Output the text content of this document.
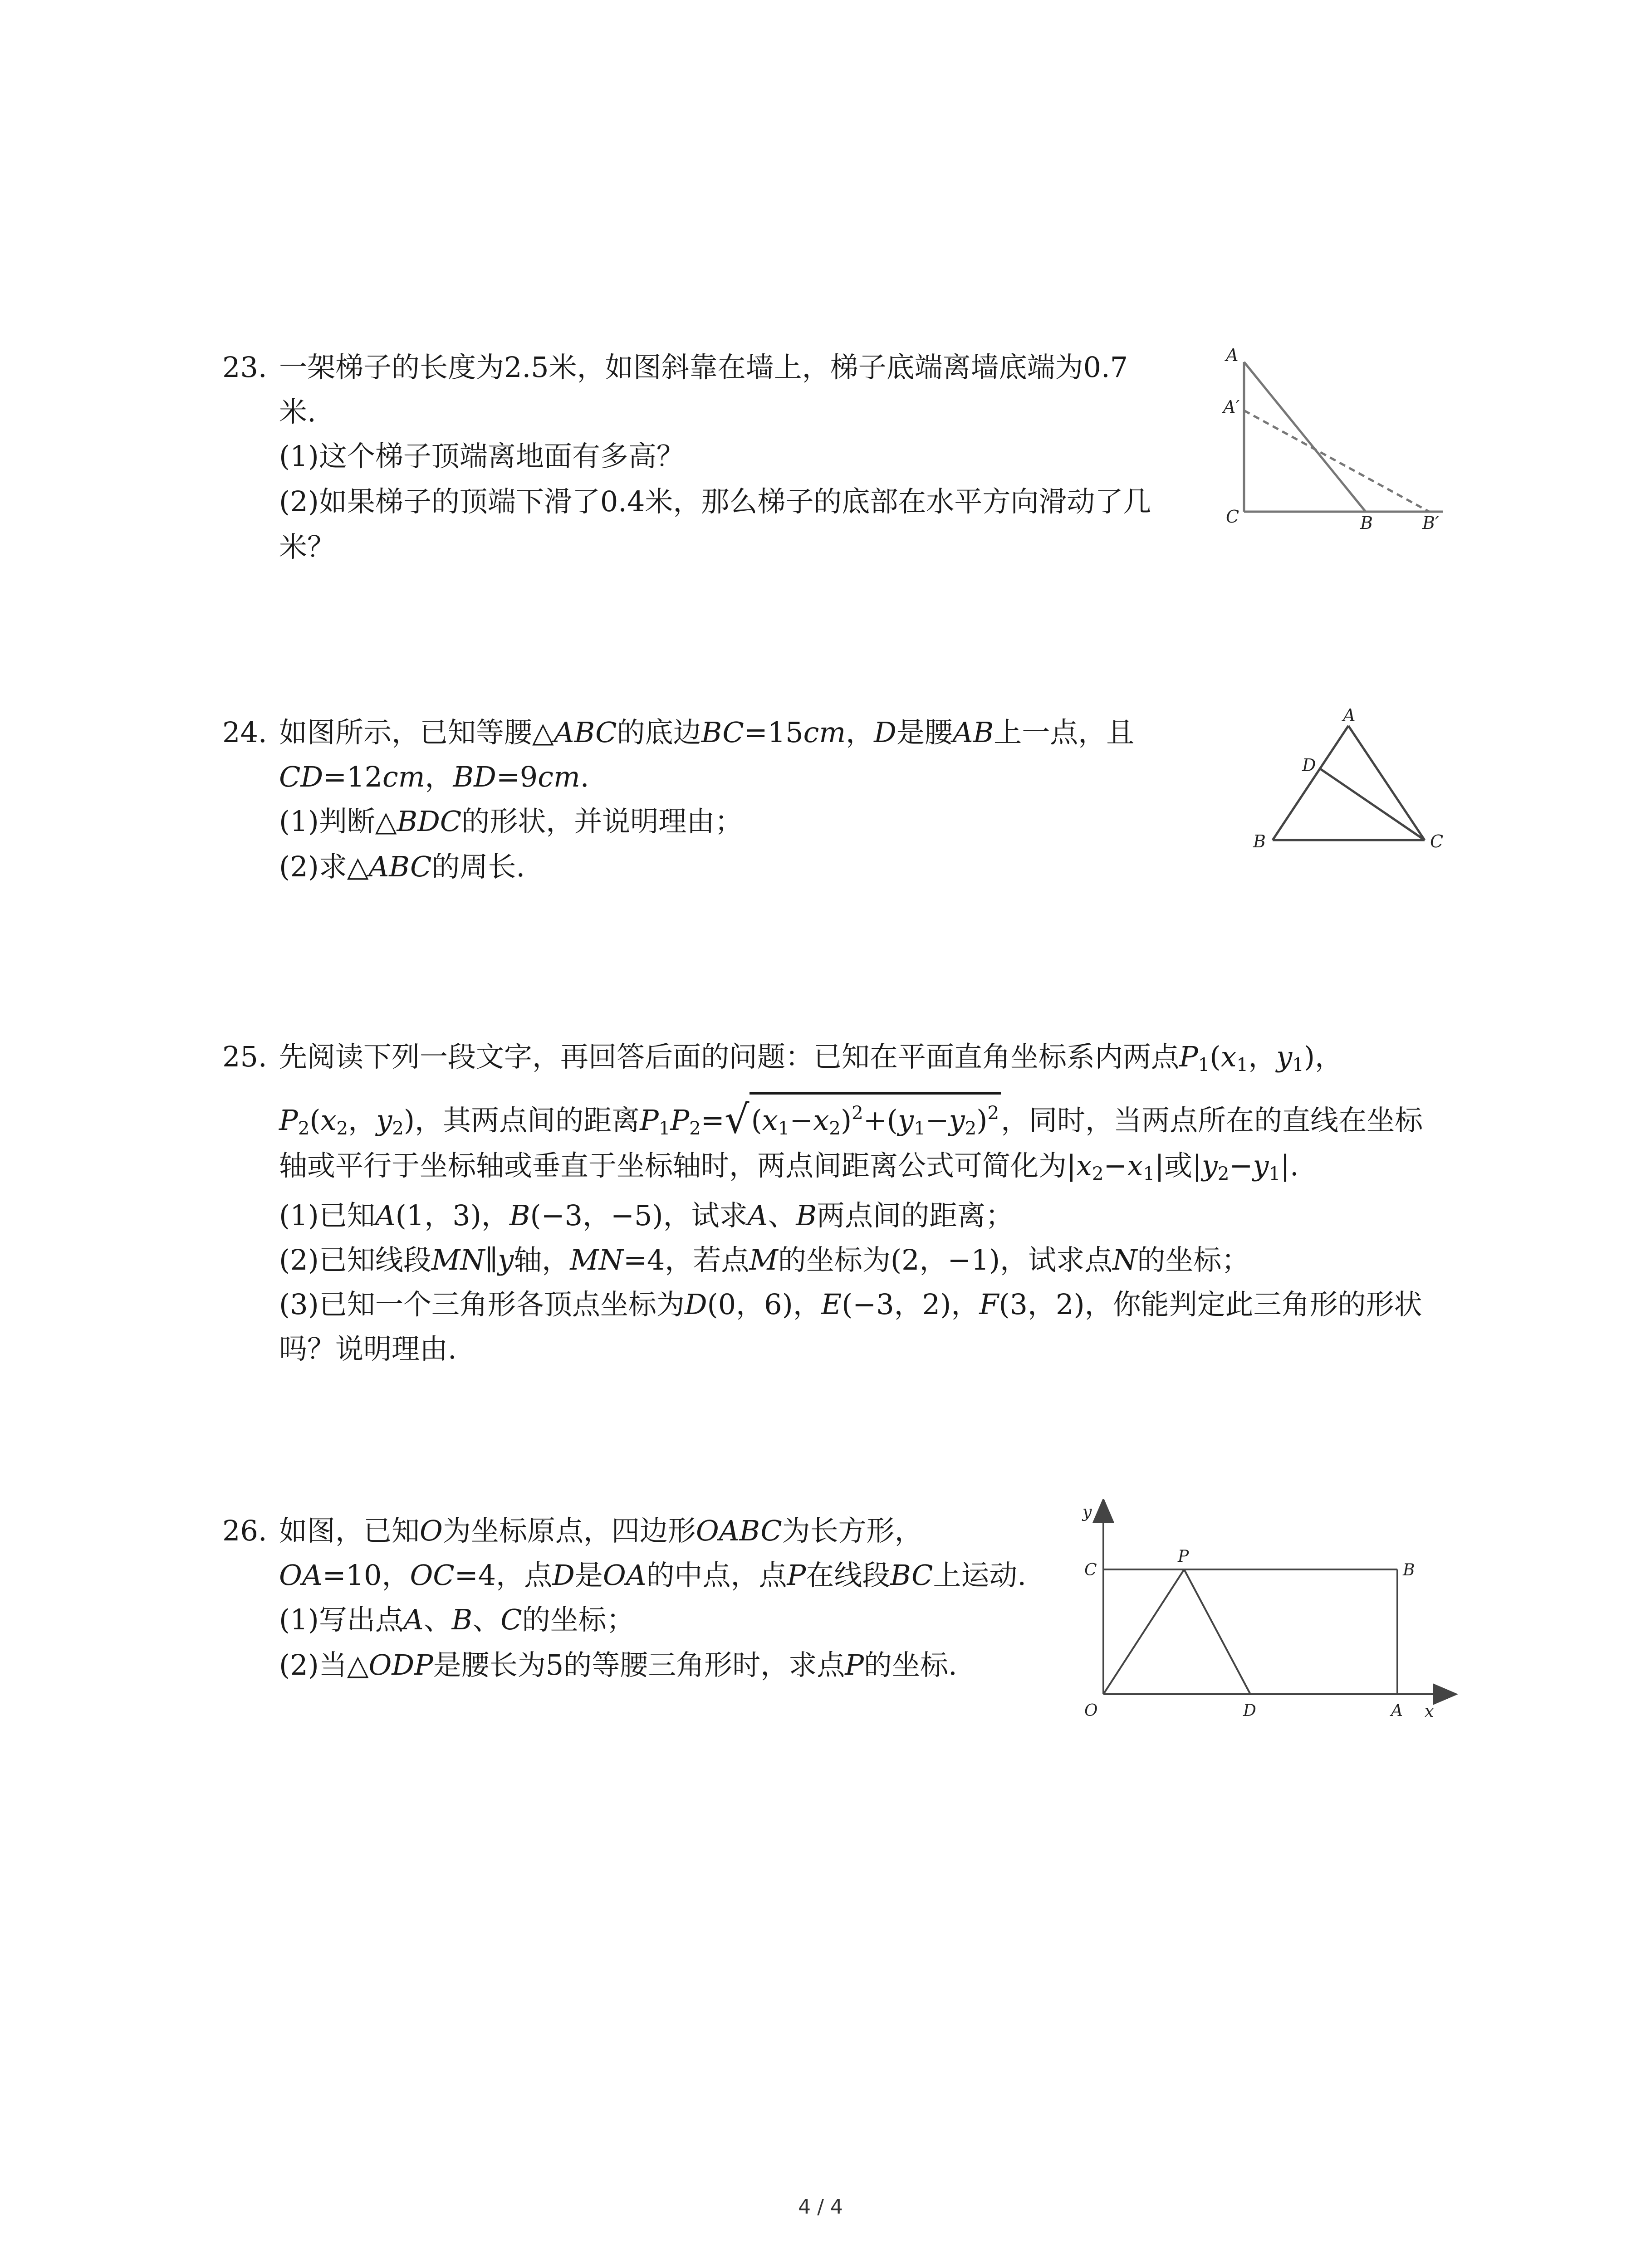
23. 一架梯子的长度为2.5米，如图斜靠在墙上，梯子底端离墙底端为0.7
米.
(1)这个梯子顶端离地面有多高？
(2)如果梯子的顶端下滑了0.4米，那么梯子的底部在水平方向滑动了几
米？
A
A′
C	B	B′
24. 如图所示，已知等腰△ABC的底边BC=15cm，D是腰AB上一点，且
CD=12cm，BD=9cm.
(1)判断△BDC的形状，并说明理由；
(2)求△ABC的周长.
A
D
B	C
25. 先阅读下列一段文字，再回答后面的问题：已知在平面直角坐标系内两点$P_1(x_1$，$y_1$)，
$P_2(x_2$，$y_2$)，其两点间的距离$P_1P_2=√(x_1-x_2)^2+(y_1-y_2)^2$，同时，当两点所在的直线在坐标
轴或平行于坐标轴或垂直于坐标轴时，两点间距离公式可简化为$|x_2-x_1|$或$|y_2-y_1|$.
(1)已知A(1，3)，B(−3，−5)，试求A、B两点间的距离；
(2)已知线段MN∥y轴，MN=4，若点M的坐标为(2，−1)，试求点N的坐标；
(3)已知一个三角形各顶点坐标为D(0，6)，E(−3，2)，F(3，2)，你能判定此三角形的形状
吗？说明理由.
26. 如图，已知O为坐标原点，四边形OABC为长方形，
OA=10，OC=4，点D是OA的中点，点P在线段BC上运动.
(1)写出点A、B、C的坐标；
(2)当△ODP是腰长为5的等腰三角形时，求点P的坐标.
y
C
P
B
O	D	A x
4 / 4
